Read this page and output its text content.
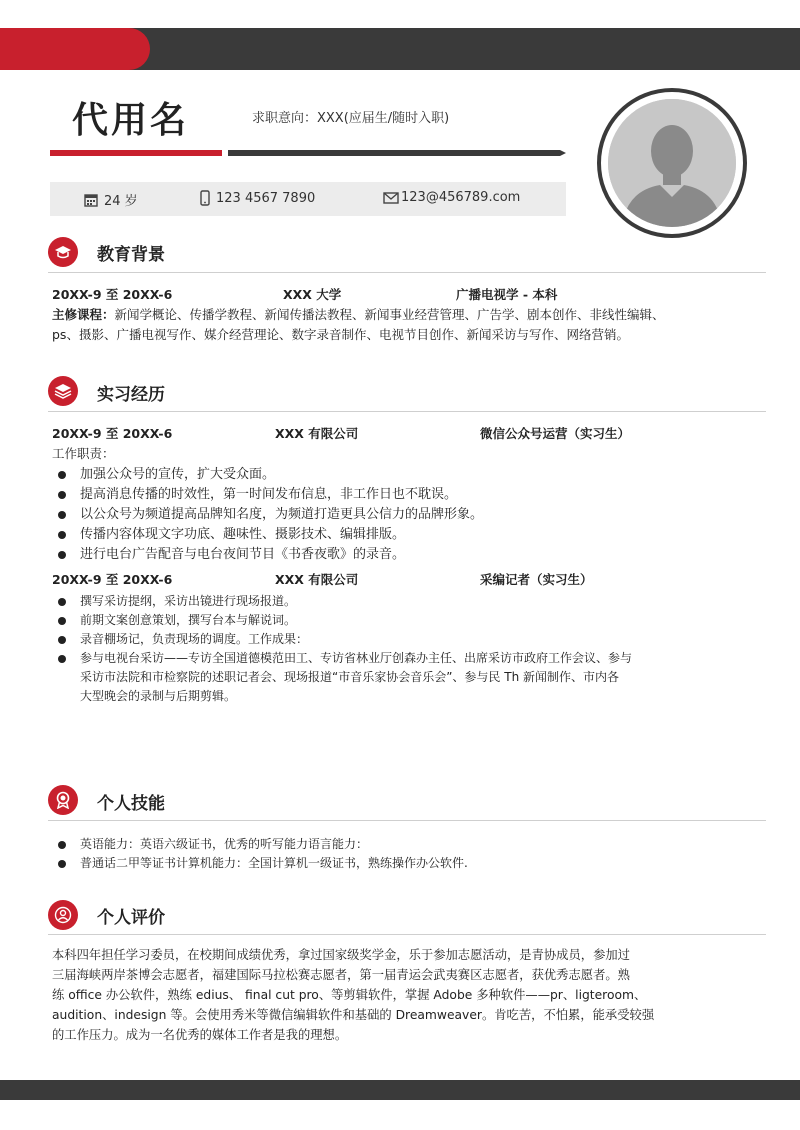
代用名	求职意向：XXX(应届生/随时入职)
24 岁	123 4567 7890	123@456789.com
教育背景
20XX-9 至 20XX-6	XXX 大学	广播电视学 - 本科
主修课程：新闻学概论、传播学教程、新闻传播法教程、新闻事业经营管理、广告学、剧本创作、非线性编辑、
ps、摄影、广播电视写作、媒介经营理论、数字录音制作、电视节目创作、新闻采访与写作、网络营销。
实习经历
20XX-9 至 20XX-6	XXX 有限公司	微信公众号运营（实习生）
工作职责：
加强公众号的宣传，扩大受众面。
提高消息传播的时效性，第一时间发布信息，非工作日也不耽误。
以公众号为频道提高品牌知名度，为频道打造更具公信力的品牌形象。
传播内容体现文字功底、趣味性、摄影技术、编辑排版。
进行电台广告配音与电台夜间节目《书香夜歌》的录音。
20XX-9 至 20XX-6	XXX 有限公司	采编记者（实习生）
撰写采访提纲，采访出镜进行现场报道。
前期文案创意策划，撰写台本与解说词。
录音棚场记，负责现场的调度。工作成果：
参与电视台采访——专访全国道德模范田工、专访省林业厅创森办主任、出席采访市政府工作会议、参与
采访市法院和市检察院的述职记者会、现场报道“市音乐家协会音乐会”、参与民 Th 新闻制作、市内各
大型晚会的录制与后期剪辑。
个人技能
英语能力：英语六级证书，优秀的听写能力语言能力：
普通话二甲等证书计算机能力：全国计算机一级证书，熟练操作办公软件.
个人评价
本科四年担任学习委员，在校期间成绩优秀，拿过国家级奖学金，乐于参加志愿活动，是青协成员，参加过
三届海峡两岸茶博会志愿者，福建国际马拉松赛志愿者，第一届青运会武夷赛区志愿者，获优秀志愿者。熟
练 office 办公软件，熟练 edius、 final cut pro、等剪辑软件，掌握 Adobe 多种软件——pr、ligteroom、
audition、indesign 等。会使用秀米等微信编辑软件和基础的 Dreamweaver。肯吃苦，不怕累，能承受较强
的工作压力。成为一名优秀的媒体工作者是我的理想。
